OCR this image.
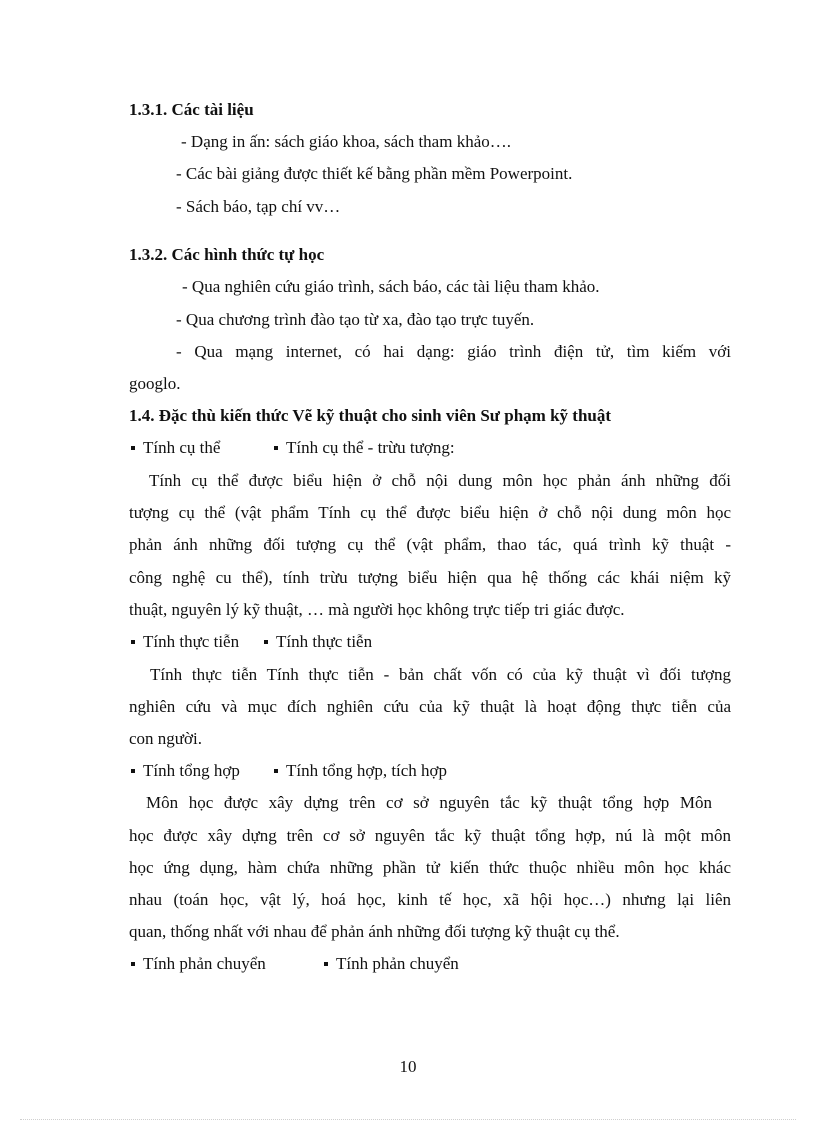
1.3.1. Các tài liệu
- Dạng in ấn: sách giáo khoa, sách tham khảo….
- Các bài giảng được thiết kế bằng phần mềm Powerpoint.
- Sách báo, tạp chí vv…
1.3.2. Các hình thức tự học
- Qua nghiên cứu giáo trình, sách báo, các tài liệu tham khảo.
- Qua chương trình đào tạo từ xa, đào tạo trực tuyến.
- Qua mạng internet, có hai dạng: giáo trình điện tử, tìm kiếm với
googlo.
1.4. Đặc thù kiến thức Vẽ kỹ thuật cho sinh viên Sư phạm kỹ thuật
Tính cụ thể	Tính cụ thể - trừu tượng:
Tính cụ thể được biểu hiện ở chỗ nội dung môn học phản ánh những đối
tượng cụ thể (vật phẩm Tính cụ thể được biểu hiện ở chỗ nội dung môn học
phản ánh những đối tượng cụ thể (vật phẩm, thao tác, quá trình kỹ thuật -
công nghệ cu thể), tính trừu tượng biểu hiện qua hệ thống các khái niệm kỹ
thuật, nguyên lý kỹ thuật, … mà người học không trực tiếp tri giác được.
Tính thực tiễn	Tính thực tiễn
Tính thực tiễn Tính thực tiễn - bản chất vốn có của kỹ thuật vì đối tượng
nghiên cứu và mục đích nghiên cứu của kỹ thuật là hoạt động thực tiễn của
con người.
Tính tổng hợp	Tính tổng hợp, tích hợp
Môn học được xây dựng trên cơ sở nguyên tắc kỹ thuật tổng hợp Môn
học được xây dựng trên cơ sở nguyên tắc kỹ thuật tổng hợp, nú là một môn
học ứng dụng, hàm chứa những phần tử kiến thức thuộc nhiều môn học khác
nhau (toán học, vật lý, hoá học, kinh tế học, xã hội học…) nhưng lại liên
quan, thống nhất với nhau để phản ánh những đối tượng kỹ thuật cụ thể.
Tính phản chuyển	Tính phản chuyển
10
